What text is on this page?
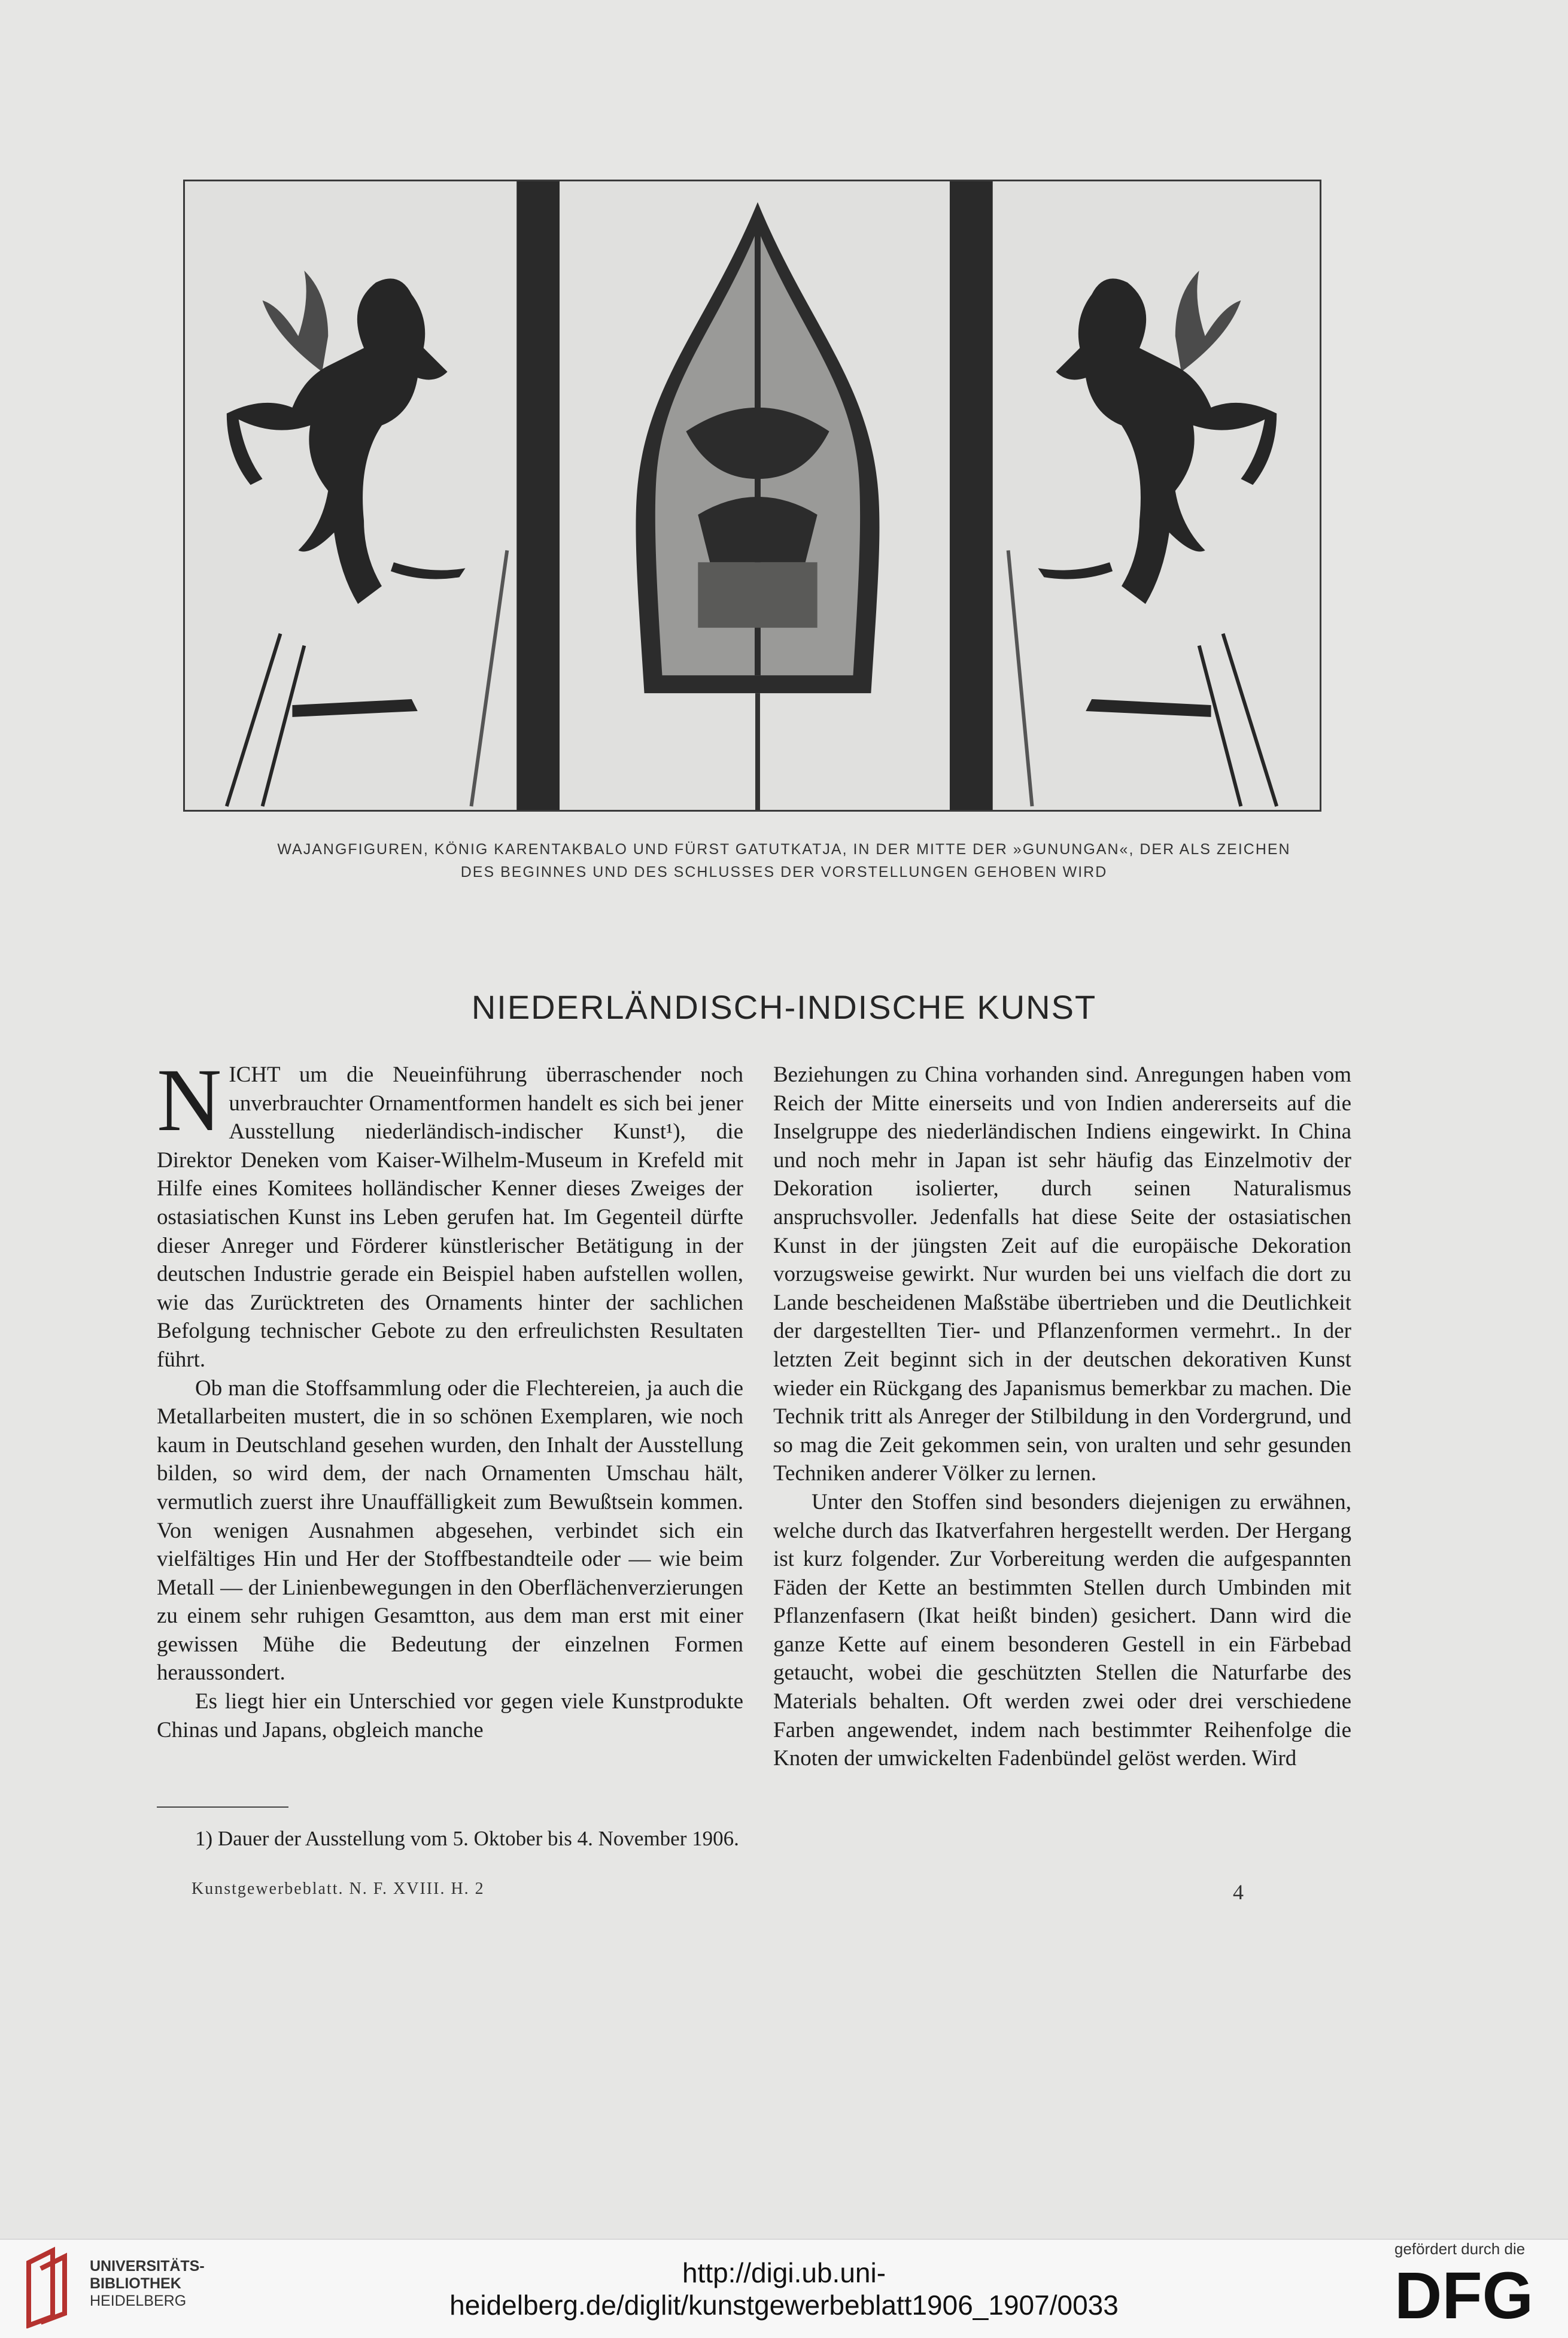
WAJANGFIGUREN, KÖNIG KARENTAKBALO UND FÜRST GATUTKATJA, IN DER MITTE DER »GUNUNGAN«, DER ALS ZEICHEN
DES BEGINNES UND DES SCHLUSSES DER VORSTELLUNGEN GEHOBEN WIRD
NIEDERLÄNDISCH-INDISCHE KUNST

NICHT um die Neueinführung überraschender noch unverbrauchter Ornamentformen handelt es sich bei jener Ausstellung niederländisch-indischer Kunst¹), die Direktor Deneken vom Kaiser-Wilhelm-Museum in Krefeld mit Hilfe eines Komitees holländischer Kenner dieses Zweiges der ostasiatischen Kunst ins Leben gerufen hat. Im Gegenteil dürfte dieser Anreger und Förderer künstlerischer Betätigung in der deutschen Industrie gerade ein Beispiel haben aufstellen wollen, wie das Zurücktreten des Ornaments hinter der sachlichen Befolgung technischer Gebote zu den erfreulichsten Resultaten führt.

Ob man die Stoffsammlung oder die Flechtereien, ja auch die Metallarbeiten mustert, die in so schönen Exemplaren, wie noch kaum in Deutschland gesehen wurden, den Inhalt der Ausstellung bilden, so wird dem, der nach Ornamenten Umschau hält, vermutlich zuerst ihre Unauffälligkeit zum Bewußtsein kommen. Von wenigen Ausnahmen abgesehen, verbindet sich ein vielfältiges Hin und Her der Stoffbestandteile oder — wie beim Metall — der Linienbewegungen in den Oberflächenverzierungen zu einem sehr ruhigen Gesamtton, aus dem man erst mit einer gewissen Mühe die Bedeutung der einzelnen Formen heraussondert.

Es liegt hier ein Unterschied vor gegen viele Kunstprodukte Chinas und Japans, obgleich manche

Beziehungen zu China vorhanden sind. Anregungen haben vom Reich der Mitte einerseits und von Indien andererseits auf die Inselgruppe des niederländischen Indiens eingewirkt. In China und noch mehr in Japan ist sehr häufig das Einzelmotiv der Dekoration isolierter, durch seinen Naturalismus anspruchsvoller. Jedenfalls hat diese Seite der ostasiatischen Kunst in der jüngsten Zeit auf die europäische Dekoration vorzugsweise gewirkt. Nur wurden bei uns vielfach die dort zu Lande bescheidenen Maßstäbe übertrieben und die Deutlichkeit der dargestellten Tier- und Pflanzenformen vermehrt.. In der letzten Zeit beginnt sich in der deutschen dekorativen Kunst wieder ein Rückgang des Japanismus bemerkbar zu machen. Die Technik tritt als Anreger der Stilbildung in den Vordergrund, und so mag die Zeit gekommen sein, von uralten und sehr gesunden Techniken anderer Völker zu lernen.

Unter den Stoffen sind besonders diejenigen zu erwähnen, welche durch das Ikatverfahren hergestellt werden. Der Hergang ist kurz folgender. Zur Vorbereitung werden die aufgespannten Fäden der Kette an bestimmten Stellen durch Umbinden mit Pflanzenfasern (Ikat heißt binden) gesichert. Dann wird die ganze Kette auf einem besonderen Gestell in ein Färbebad getaucht, wobei die geschützten Stellen die Naturfarbe des Materials behalten. Oft werden zwei oder drei verschiedene Farben angewendet, indem nach bestimmter Reihenfolge die Knoten der umwickelten Fadenbündel gelöst werden. Wird

1) Dauer der Ausstellung vom 5. Oktober bis 4. November 1906.
Kunstgewerbeblatt. N. F. XVIII. H. 2	4
UNIVERSITÄTS-
BIBLIOTHEK
HEIDELBERG
http://digi.ub.uni-heidelberg.de/diglit/kunstgewerbeblatt1906_1907/0033
gefördert durch die
DFG
